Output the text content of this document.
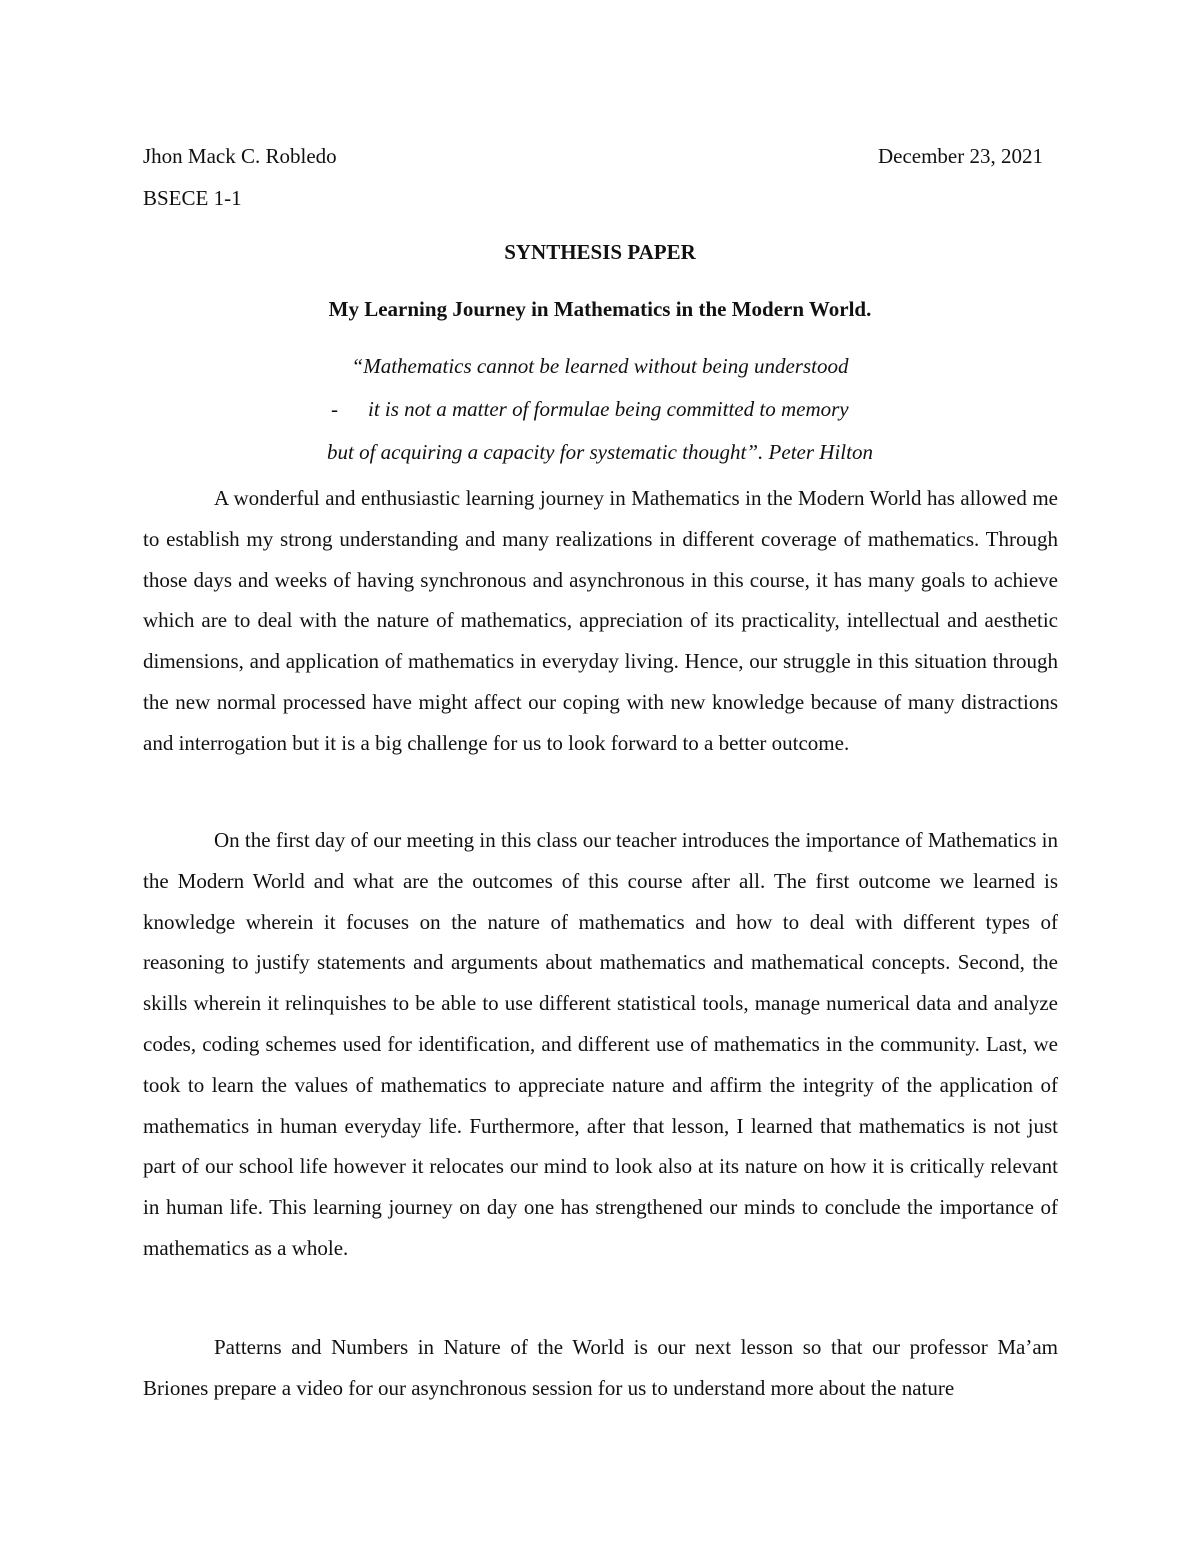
Jhon Mack C. Robledo	December 23, 2021
BSECE 1-1
SYNTHESIS PAPER
My Learning Journey in Mathematics in the Modern World.
“Mathematics cannot be learned without being understood
- it is not a matter of formulae being committed to memory
but of acquiring a capacity for systematic thought”. Peter Hilton

A wonderful and enthusiastic learning journey in Mathematics in the Modern World has allowed me to establish my strong understanding and many realizations in different coverage of mathematics. Through those days and weeks of having synchronous and asynchronous in this course, it has many goals to achieve which are to deal with the nature of mathematics, appreciation of its practicality, intellectual and aesthetic dimensions, and application of mathematics in everyday living. Hence, our struggle in this situation through the new normal processed have might affect our coping with new knowledge because of many distractions and interrogation but it is a big challenge for us to look forward to a better outcome.

On the first day of our meeting in this class our teacher introduces the importance of Mathematics in the Modern World and what are the outcomes of this course after all. The first outcome we learned is knowledge wherein it focuses on the nature of mathematics and how to deal with different types of reasoning to justify statements and arguments about mathematics and mathematical concepts. Second, the skills wherein it relinquishes to be able to use different statistical tools, manage numerical data and analyze codes, coding schemes used for identification, and different use of mathematics in the community. Last, we took to learn the values of mathematics to appreciate nature and affirm the integrity of the application of mathematics in human everyday life. Furthermore, after that lesson, I learned that mathematics is not just part of our school life however it relocates our mind to look also at its nature on how it is critically relevant in human life. This learning journey on day one has strengthened our minds to conclude the importance of mathematics as a whole.

Patterns and Numbers in Nature of the World is our next lesson so that our professor Ma’am Briones prepare a video for our asynchronous session for us to understand more about the nature
